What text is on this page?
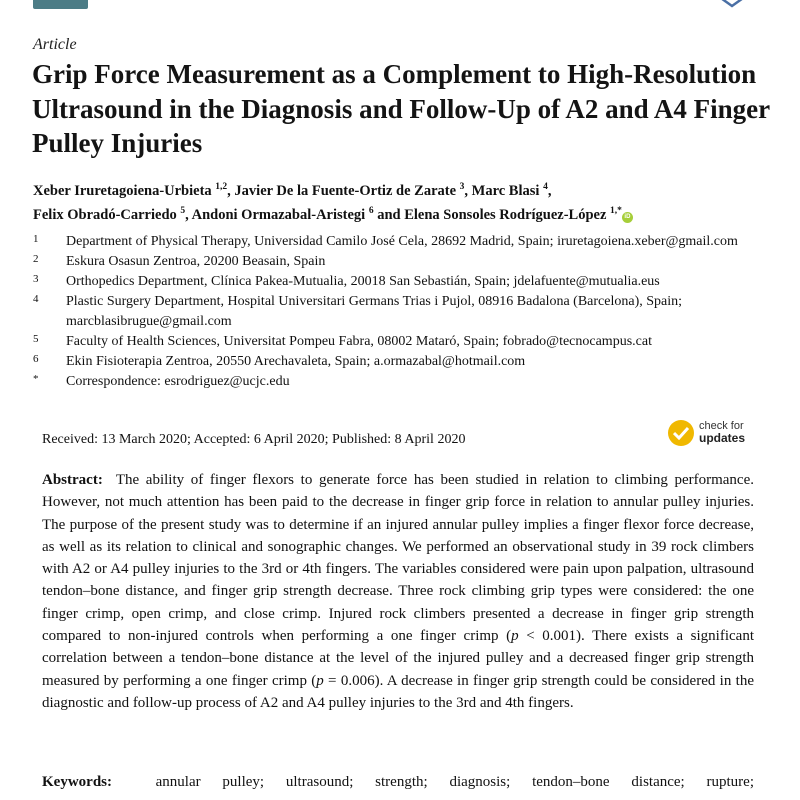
Article
Grip Force Measurement as a Complement to High-Resolution Ultrasound in the Diagnosis and Follow-Up of A2 and A4 Finger Pulley Injuries
Xeber Iruretagoiena-Urbieta $^{1,2}$, Javier De la Fuente-Ortiz de Zarate $^3$, Marc Blasi $^4$,
Felix Obradó-Carriedo $^5$, Andoni Ormazabal-Aristegi $^6$ and Elena Sonsoles Rodríguez-López $^{1,*}$iD
1	Department of Physical Therapy, Universidad Camilo José Cela, 28692 Madrid, Spain; iruretagoiena.xeber@gmail.com
2	Eskura Osasun Zentroa, 20200 Beasain, Spain
3	Orthopedics Department, Clínica Pakea-Mutualia, 20018 San Sebastián, Spain; jdelafuente@mutualia.eus
4	Plastic Surgery Department, Hospital Universitari Germans Trias i Pujol, 08916 Badalona (Barcelona), Spain; marcblasibrugue@gmail.com
5	Faculty of Health Sciences, Universitat Pompeu Fabra, 08002 Mataró, Spain; fobrado@tecnocampus.cat
6	Ekin Fisioterapia Zentroa, 20550 Arechavaleta, Spain; a.ormazabal@hotmail.com
*	Correspondence: esrodriguez@ucjc.edu
Received: 13 March 2020; Accepted: 6 April 2020; Published: 8 April 2020
check for
updates

Abstract: The ability of finger flexors to generate force has been studied in relation to climbing performance. However, not much attention has been paid to the decrease in finger grip force in relation to annular pulley injuries. The purpose of the present study was to determine if an injured annular pulley implies a finger flexor force decrease, as well as its relation to clinical and sonographic changes. We performed an observational study in 39 rock climbers with A2 or A4 pulley injuries to the 3rd or 4th fingers. The variables considered were pain upon palpation, ultrasound tendon–bone distance, and finger grip strength decrease. Three rock climbing grip types were considered: the one finger crimp, open crimp, and close crimp. Injured rock climbers presented a decrease in finger grip strength compared to non-injured controls when performing a one finger crimp (p < 0.001). There exists a significant correlation between a tendon–bone distance at the level of the injured pulley and a decreased finger grip strength measured by performing a one finger crimp (p = 0.006). A decrease in finger grip strength could be considered in the diagnostic and follow-up process of A2 and A4 pulley injuries to the 3rd and 4th fingers.

Keywords:	annular pulley; ultrasound; strength; diagnosis; tendon–bone distance; rupture;
